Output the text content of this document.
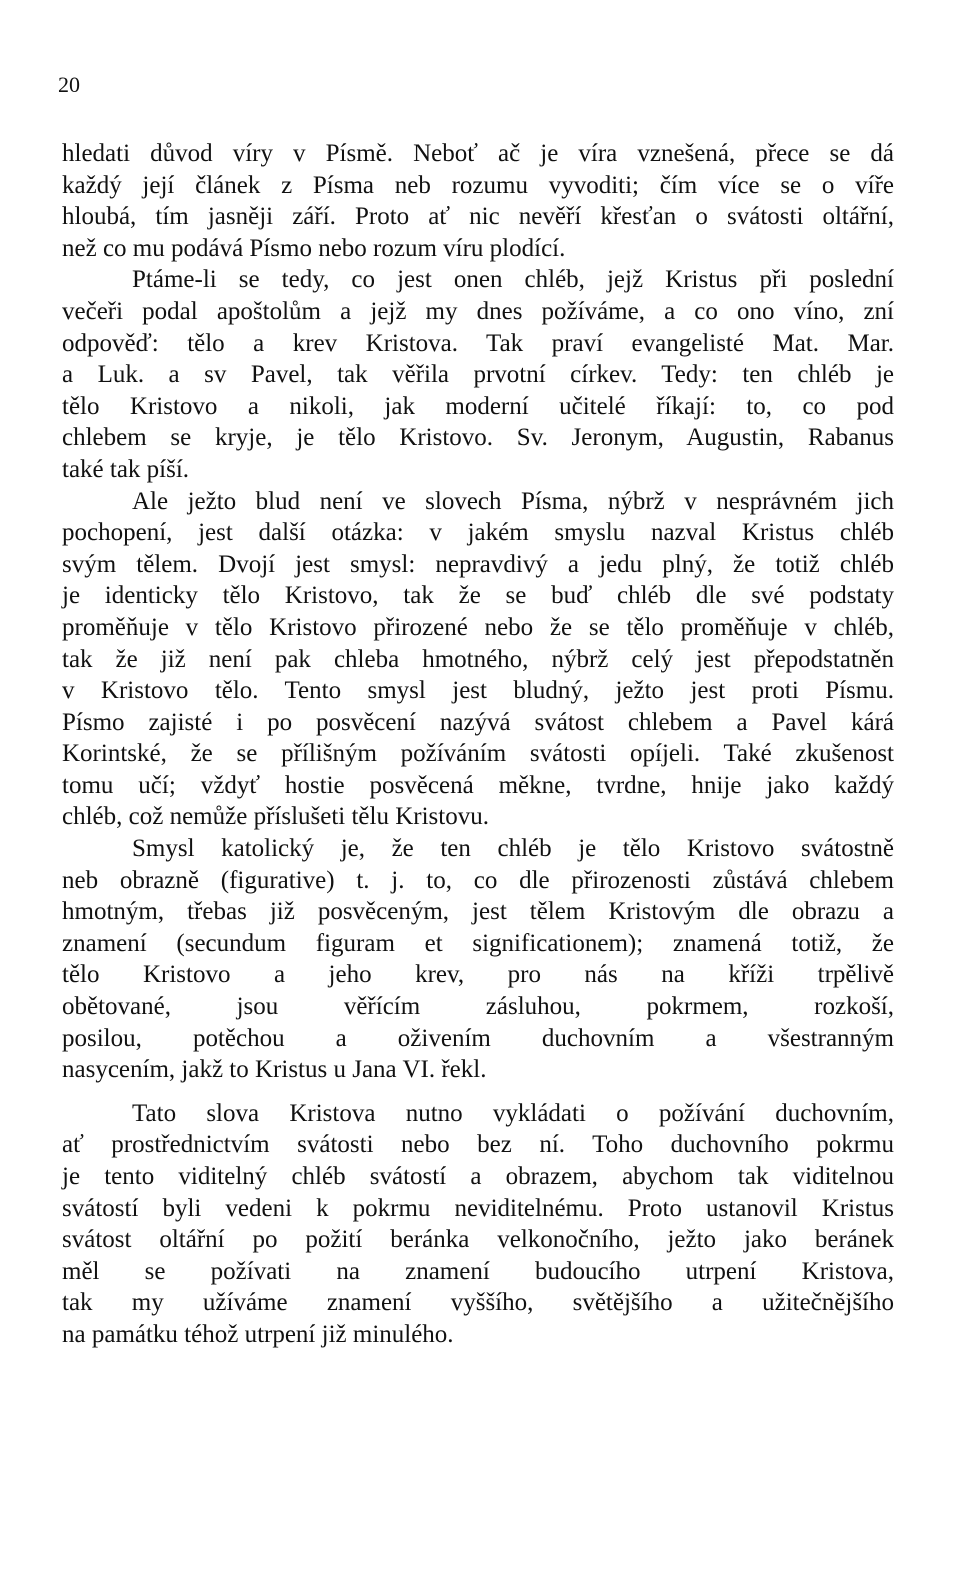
20
hledati důvod víry v Písmě. Neboť ač je víra vznešená, přece se dá
každý její článek z Písma neb rozumu vyvoditi; čím více se o víře
hloubá, tím jasněji září. Proto ať nic nevěří křesťan o svátosti oltářní,
než co mu podává Písmo nebo rozum víru plodící.
Ptáme-li se tedy, co jest onen chléb, jejž Kristus při poslední
večeři podal apoštolům a jejž my dnes požíváme, a co ono víno, zní
odpověď: tělo a krev Kristova. Tak praví evangelisté Mat. Mar.
a Luk. a sv Pavel, tak věřila prvotní církev. Tedy: ten chléb je
tělo Kristovo a nikoli, jak moderní učitelé říkají: to, co pod
chlebem se kryje, je tělo Kristovo. Sv. Jeronym, Augustin, Rabanus
také tak píší.
Ale ježto blud není ve slovech Písma, nýbrž v nesprávném jich
pochopení, jest další otázka: v jakém smyslu nazval Kristus chléb
svým tělem. Dvojí jest smysl: nepravdivý a jedu plný, že totiž chléb
je identicky tělo Kristovo, tak že se buď chléb dle své podstaty
proměňuje v tělo Kristovo přirozené nebo že se tělo proměňuje v chléb,
tak že již není pak chleba hmotného, nýbrž celý jest přepodstatněn
v Kristovo tělo. Tento smysl jest bludný, ježto jest proti Písmu.
Písmo zajisté i po posvěcení nazývá svátost chlebem a Pavel kárá
Korintské, že se přílišným požíváním svátosti opíjeli. Také zkušenost
tomu učí; vždyť hostie posvěcená měkne, tvrdne, hnije jako každý
chléb, což nemůže příslušeti tělu Kristovu.
Smysl katolický je, že ten chléb je tělo Kristovo svátostně
neb obrazně (figurative) t. j. to, co dle přirozenosti zůstává chlebem
hmotným, třebas již posvěceným, jest tělem Kristovým dle obrazu a
znamení (secundum figuram et significationem); znamená totiž, že
tělo Kristovo a jeho krev, pro nás na kříži trpělivě
obětované, jsou věřícím zásluhou, pokrmem, rozkoší,
posilou, potěchou a oživením duchovním a všestranným
nasycením, jakž to Kristus u Jana VI. řekl.
Tato slova Kristova nutno vykládati o požívání duchovním,
ať prostřednictvím svátosti nebo bez ní. Toho duchovního pokrmu
je tento viditelný chléb svátostí a obrazem, abychom tak viditelnou
svátostí byli vedeni k pokrmu neviditelnému. Proto ustanovil Kristus
svátost oltářní po požití beránka velkonočního, ježto jako beránek
měl se požívati na znamení budoucího utrpení Kristova,
tak my užíváme znamení vyššího, světějšího a užitečnějšího
na památku téhož utrpení již minulého.
